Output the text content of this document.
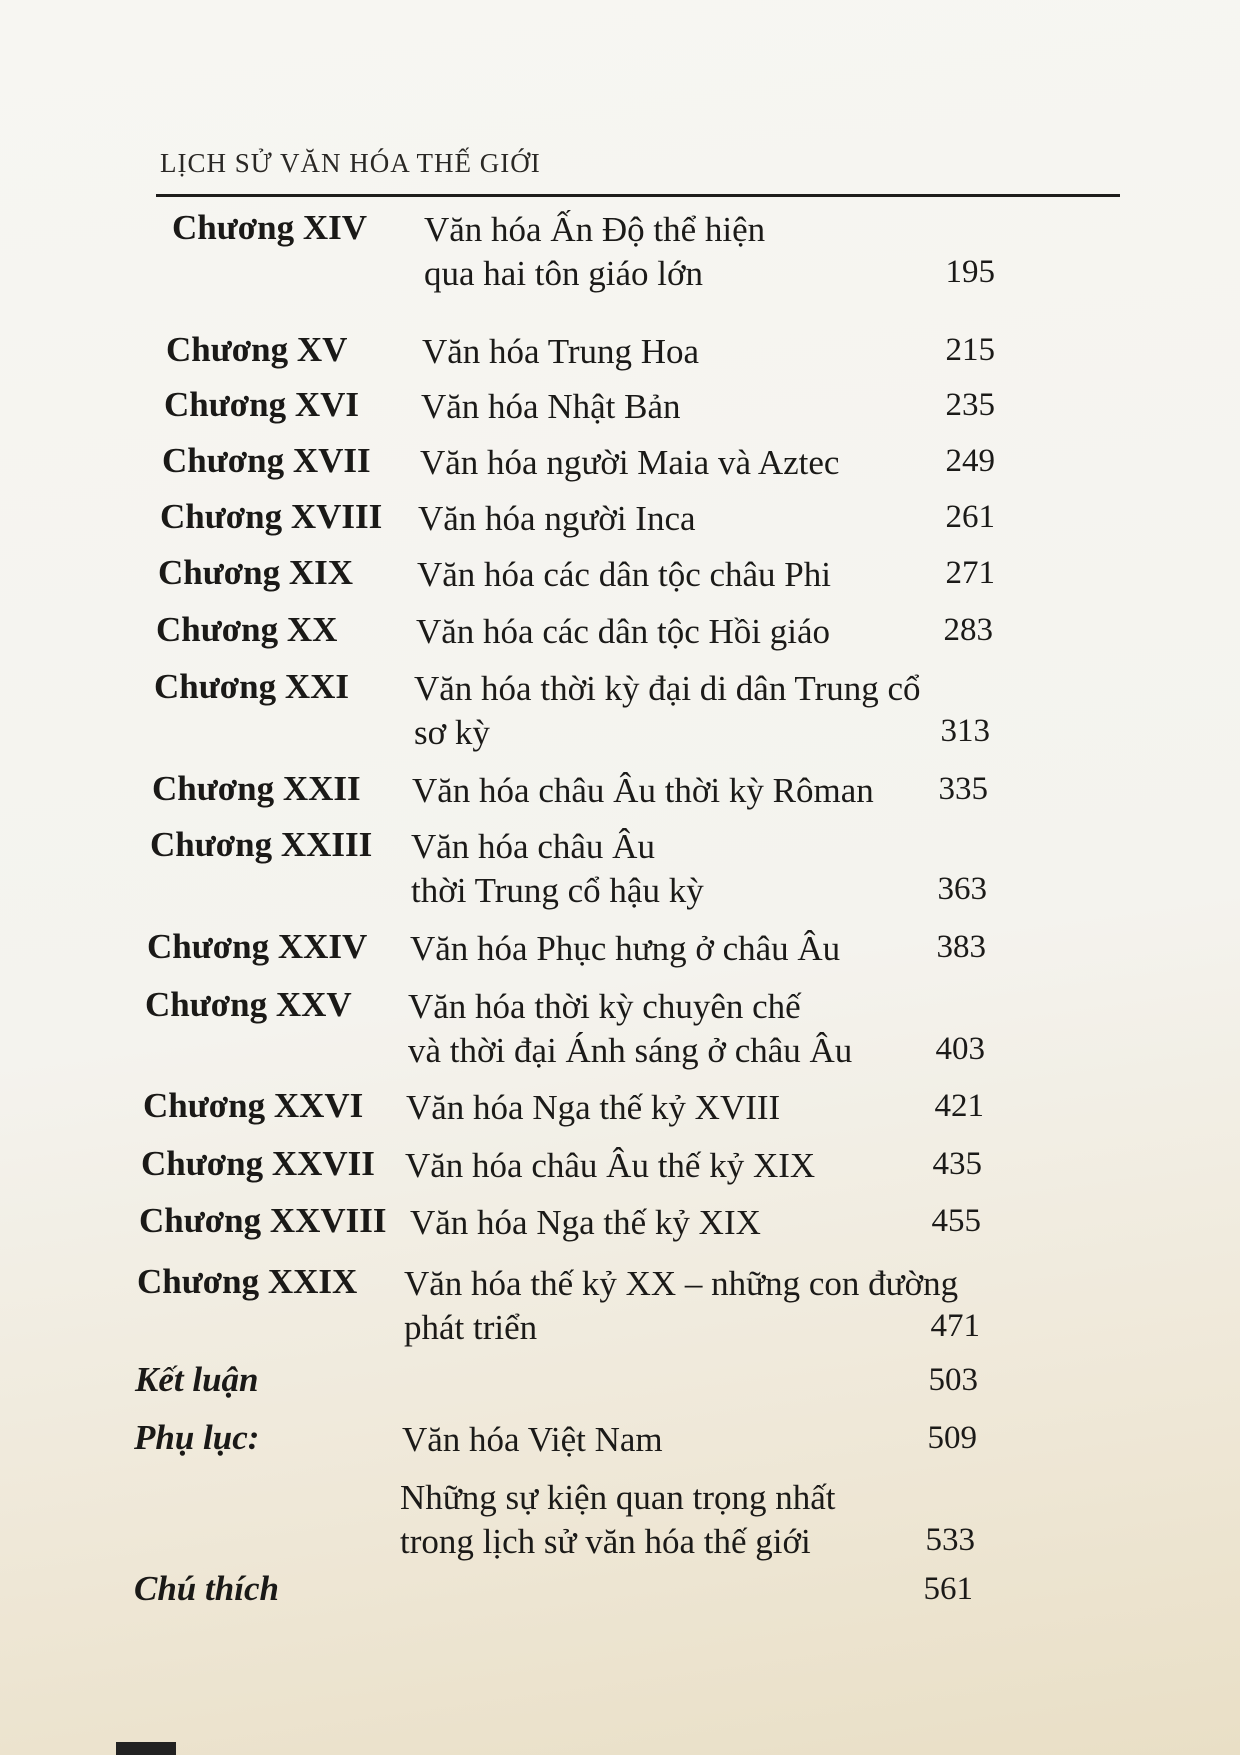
LỊCH SỬ VĂN HÓA THẾ GIỚI
Chương XIV Văn hóa Ấn Độ thể hiện
qua hai tôn giáo lớn	195
Chương XV Văn hóa Trung Hoa	215
Chương XVI Văn hóa Nhật Bản	235
Chương XVII Văn hóa người Maia và Aztec	249
Chương XVIII Văn hóa người Inca	261
Chương XIX Văn hóa các dân tộc châu Phi	271
Chương XX Văn hóa các dân tộc Hồi giáo	283
Chương XXI Văn hóa thời kỳ đại di dân Trung cổ
sơ kỳ	313
Chương XXII Văn hóa châu Âu thời kỳ Rôman	335
Chương XXIII Văn hóa châu Âu
thời Trung cổ hậu kỳ	363
Chương XXIV Văn hóa Phục hưng ở châu Âu	383
Chương XXV Văn hóa thời kỳ chuyên chế
và thời đại Ánh sáng ở châu Âu	403
Chương XXVI Văn hóa Nga thế kỷ XVIII	421
Chương XXVII Văn hóa châu Âu thế kỷ XIX	435
Chương XXVIII Văn hóa Nga thế kỷ XIX	455
Chương XXIX Văn hóa thế kỷ XX – những con đường
phát triển	471
Kết luận	503
Phụ lục:	Văn hóa Việt Nam	509
Những sự kiện quan trọng nhất
trong lịch sử văn hóa thế giới	533
Chú thích	561
